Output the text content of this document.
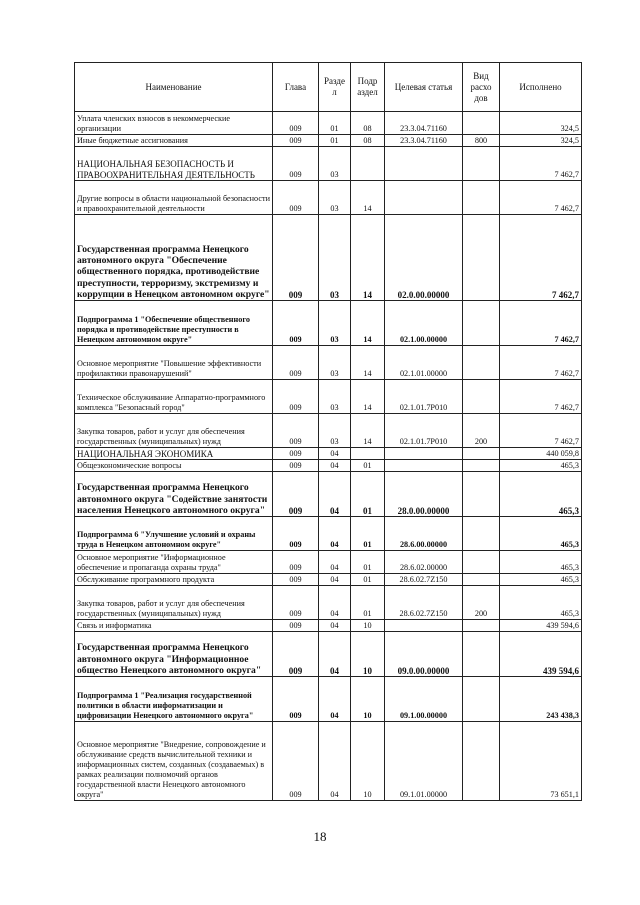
Наименование	Глава	Разде л	Подр аздел	Целевая статья	Вид расхо дов	Исполнено
Уплата членских взносов в некоммерческие организации	009	01	08	23.3.04.71160		324,5
Иные бюджетные ассигнования	009	01	08	23.3.04.71160	800	324,5
НАЦИОНАЛЬНАЯ БЕЗОПАСНОСТЬ И ПРАВООХРАНИТЕЛЬНАЯ ДЕЯТЕЛЬНОСТЬ	009	03				7 462,7
Другие вопросы в области национальной безопасности и правоохранительной деятельности	009	03	14			7 462,7
Государственная программа Ненецкого автономного округа "Обеспечение общественного порядка, противодействие преступности, терроризму, экстремизму и коррупции в Ненецком автономном округе"	009	03	14	02.0.00.00000		7 462,7
Подпрограмма 1 "Обеспечение общественного порядка и противодействие преступности в Ненецком автономном округе"	009	03	14	02.1.00.00000		7 462,7
Основное мероприятие "Повышение эффективности профилактики правонарушений"	009	03	14	02.1.01.00000		7 462,7
Техническое обслуживание Аппаратно-программного комплекса "Безопасный город"	009	03	14	02.1.01.7Р010		7 462,7
Закупка товаров, работ и услуг для обеспечения государственных (муниципальных) нужд	009	03	14	02.1.01.7Р010	200	7 462,7
НАЦИОНАЛЬНАЯ ЭКОНОМИКА	009	04				440 059,8
Общеэкономические вопросы	009	04	01			465,3
Государственная программа Ненецкого автономного округа "Содействие занятости населения Ненецкого автономного округа"	009	04	01	28.0.00.00000		465,3
Подпрограмма 6 "Улучшение условий и охраны труда в Ненецком автономном округе"	009	04	01	28.6.00.00000		465,3
Основное мероприятие "Информационное обеспечение и пропаганда охраны труда"	009	04	01	28.6.02.00000		465,3
Обслуживание программного продукта	009	04	01	28.6.02.7Z150		465,3
Закупка товаров, работ и услуг для обеспечения государственных (муниципальных) нужд	009	04	01	28.6.02.7Z150	200	465,3
Связь и информатика	009	04	10			439 594,6
Государственная программа Ненецкого автономного округа "Информационное общество Ненецкого автономного округа"	009	04	10	09.0.00.00000		439 594,6
Подпрограмма 1 "Реализация государственной политики в области информатизации и цифровизации Ненецкого автономного округа"	009	04	10	09.1.00.00000		243 438,3
Основное мероприятие "Внедрение, сопровождение и обслуживание средств вычислительной техники и информационных систем, созданных (создаваемых) в рамках реализации полномочий органов государственной власти Ненецкого автономного округа"	009	04	10	09.1.01.00000		73 651,1
18
